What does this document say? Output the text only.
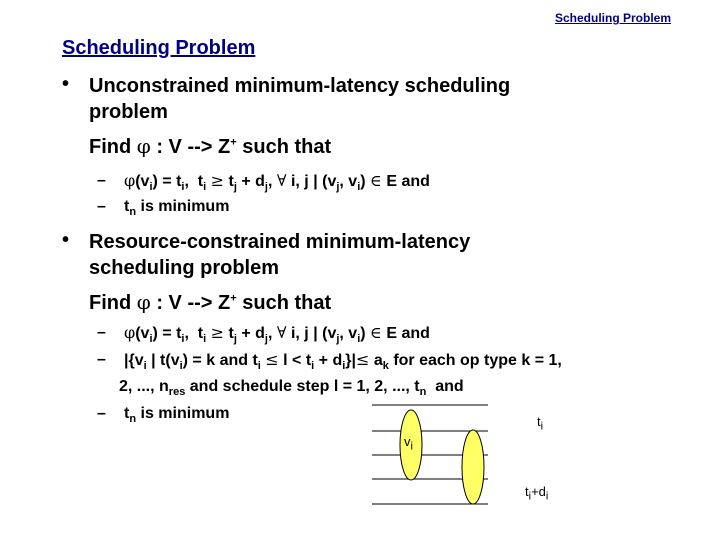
Scheduling Problem
Scheduling Problem
• Unconstrained minimum-latency scheduling
problem
Find φ : V --> Z+ such that
– $\varphi(v_i) = t_i$,  $t_i \ge t_j + d_j$, ∀ i, j | ($v_j$, $v_i$) ∈ E and
– $t_n$ is minimum
• Resource-constrained minimum-latency
scheduling problem
Find φ : V --> Z+ such that
– $\varphi(v_i) = t_i$,  $t_i \ge t_j + d_j$, ∀ i, j | ($v_j$, $v_i$) ∈ E and
– $|\{v_i$ | $t(v_i) = k$ and $t_i \le l < t_i + d_i\}|\le a_k$ for each op type k = 1,
2, ..., $n_{res}$ and schedule step l = 1, 2, ..., $t_n$  and
– $t_n$ is minimum	$t_i$
$v_i$
$t_i+d_i$
